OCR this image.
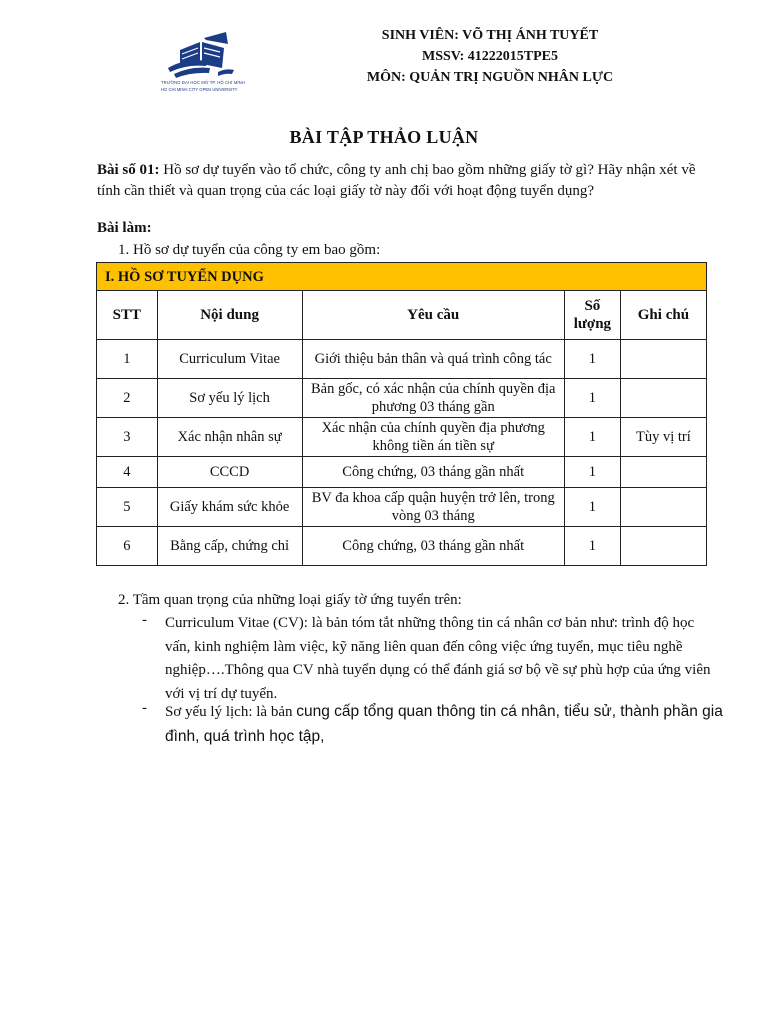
TRƯỜNG ĐẠI HỌC MỞ TP. HỒ CHÍ MINH
HO CHI MINH CITY OPEN UNIVERSITY
SINH VIÊN: VÕ THỊ ÁNH TUYẾT
MSSV: 41222015TPE5
MÔN: QUẢN TRỊ NGUỒN NHÂN LỰC
BÀI TẬP THẢO LUẬN
Bài số 01: Hồ sơ dự tuyển vào tổ chức, công ty anh chị bao gồm những giấy tờ gì? Hãy nhận xét về tính cần thiết và quan trọng của các loại giấy tờ này đối với hoạt động tuyển dụng?
Bài làm:
1. Hồ sơ dự tuyển của công ty em bao gồm:
I. HỒ SƠ TUYỂN DỤNG				
STT	Nội dung	Yêu cầu	Số lượng	Ghi chú
1	Curriculum Vitae	Giới thiệu bản thân và quá trình công tác	1	
2	Sơ yếu lý lịch	Bản gốc, có xác nhận của chính quyền địa phương 03 tháng gần	1	
3	Xác nhận nhân sự	Xác nhận của chính quyền địa phương không tiền án tiền sự	1	Tùy vị trí
4	CCCD	Công chứng, 03 tháng gần nhất	1	
5	Giấy khám sức khỏe	BV đa khoa cấp quận huyện trở lên, trong vòng 03 tháng	1	
6	Bằng cấp, chứng chỉ	Công chứng, 03 tháng gần nhất	1	
2. Tầm quan trọng của những loại giấy tờ ứng tuyển trên:
- Curriculum Vitae (CV): là bản tóm tắt những thông tin cá nhân cơ bản như: trình độ học vấn, kinh nghiệm làm việc, kỹ năng liên quan đến công việc ứng tuyển, mục tiêu nghề nghiệp….Thông qua CV nhà tuyển dụng có thể đánh giá sơ bộ về sự phù hợp của ứng viên với vị trí dự tuyển.
- Sơ yếu lý lịch: là bản cung cấp tổng quan thông tin cá nhân, tiểu sử, thành phần gia đình, quá trình học tập,
